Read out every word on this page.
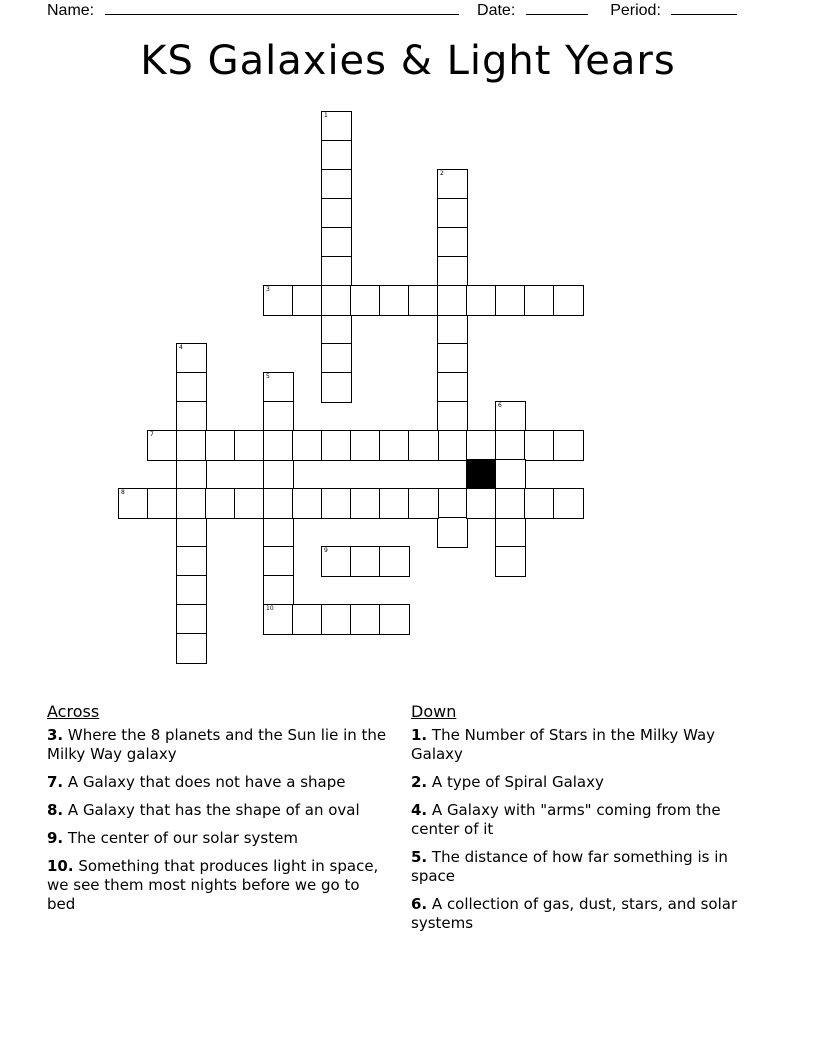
Name:	Date:	Period:
KS Galaxies & Light Years
1
2
3
4
5
10
6
7
8
9
Across
3. Where the 8 planets and the Sun lie in the Milky Way galaxy
7. A Galaxy that does not have a shape
8. A Galaxy that has the shape of an oval
9. The center of our solar system
10. Something that produces light in space, we see them most nights before we go to bed
Down
1. The Number of Stars in the Milky Way Galaxy
2. A type of Spiral Galaxy
4. A Galaxy with "arms" coming from the center of it
5. The distance of how far something is in space
6. A collection of gas, dust, stars, and solar systems
